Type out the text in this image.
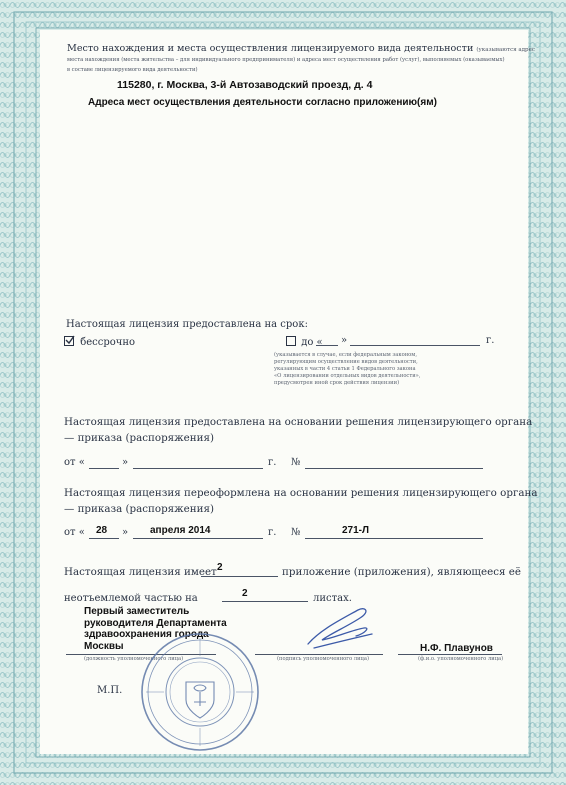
Место нахождения и места осуществления лицензируемого вида деятельности (указываются адрес
места нахождения (места жительства – для индивидуального предпринимателя) и адреса мест осуществления работ (услуг), выполняемых (оказываемых)
в составе лицензируемого вида деятельности)
115280, г. Москва, 3-й Автозаводский проезд, д. 4
Адреса мест осуществления деятельности согласно приложению(ям)
Настоящая лицензия предоставлена на срок:
бессрочно	до « »	г.
(указывается в случае, если федеральным законом,
регулирующим осуществление видов деятельности,
указанных в части 4 статьи 1 Федерального закона
«О лицензировании отдельных видов деятельности»,
предусмотрен иной срок действия лицензии)
Настоящая лицензия предоставлена на основании решения лицензирующего органа
— приказа (распоряжения)
от «	»	г. №
Настоящая лицензия переоформлена на основании решения лицензирующего органа
— приказа (распоряжения)
от « 28 » апреля 2014	г. №	271-Л
Настоящая лицензия имеет 2	приложение (приложения), являющееся её
неотъемлемой частью на	2	листах.
Первый заместитель
руководителя Департамента
здравоохранения города
Москвы
(должность уполномоченного лица)	(подпись уполномоченного лица)
Н.Ф. Плавунов
(ф.и.о. уполномоченного лица)
М.П.
